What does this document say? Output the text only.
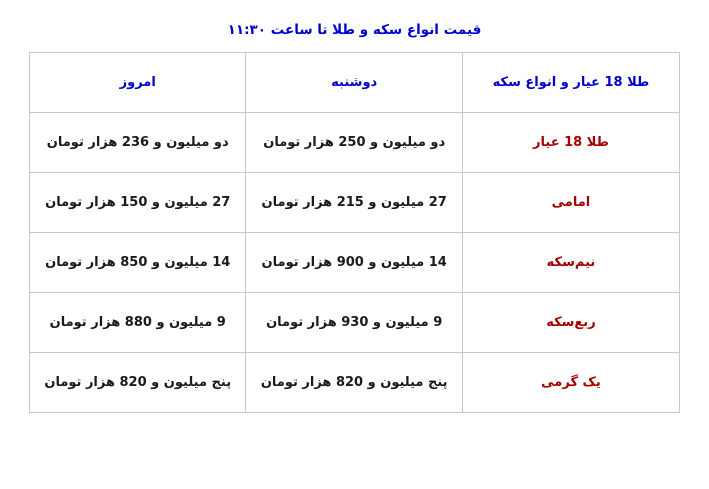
قیمت انواع سکه و طلا تا ساعت ۱۱:۳۰
طلا 18 عیار و انواع سکه	دوشنبه	امروز
طلا 18 عیار	دو میلیون و 250 هزار تومان	دو میلیون و 236 هزار تومان
امامی	27 میلیون و 215 هزار تومان	27 میلیون و 150 هزار تومان
نیم‌سکه	14 میلیون و 900 هزار تومان	14 میلیون و 850 هزار تومان
ربع‌سکه	9 میلیون و 930 هزار تومان	9 میلیون و 880 هزار تومان
یک گرمی	پنج میلیون و 820 هزار تومان	پنج میلیون و 820 هزار تومان
